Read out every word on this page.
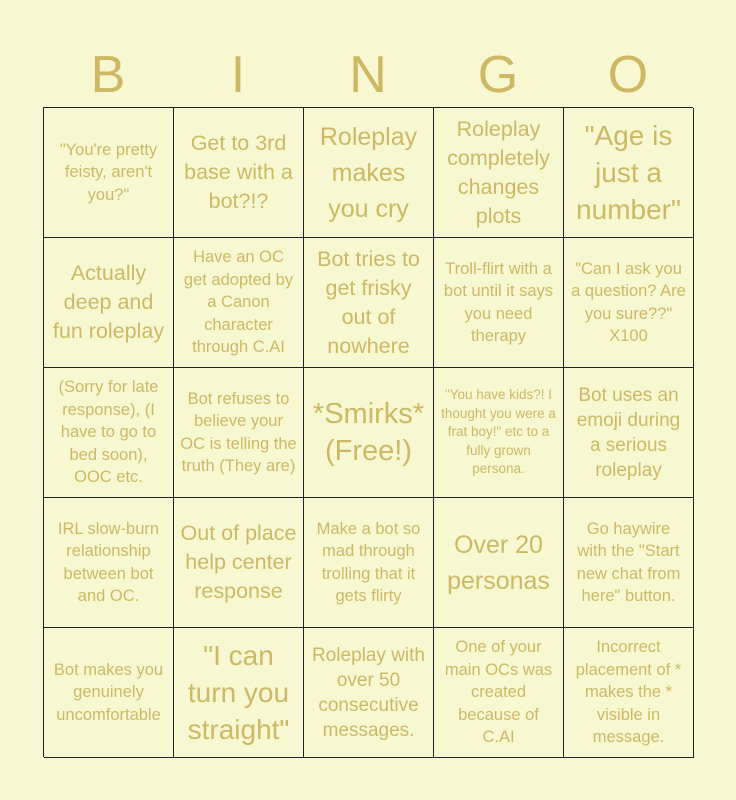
B	I	N	G	O
"You're pretty feisty, aren't you?"
Get to 3rd base with a bot?!?
Roleplay makes you cry
Roleplay completely changes plots
"Age is just a number"
Actually deep and fun roleplay
Have an OC get adopted by a Canon character through C.AI
Bot tries to get frisky out of nowhere
Troll-flirt with a bot until it says you need therapy
"Can I ask you a question? Are you sure??" X100
(Sorry for late response), (I have to go to bed soon), OOC etc.
Bot refuses to believe your OC is telling the truth (They are)
*Smirks* (Free!)
"You have kids?! I thought you were a frat boy!" etc to a fully grown persona.
Bot uses an emoji during a serious roleplay
IRL slow-burn relationship between bot and OC.
Out of place help center response
Make a bot so mad through trolling that it gets flirty
Over 20 personas
Go haywire with the "Start new chat from here" button.
Bot makes you genuinely uncomfortable
"I can turn you straight"
Roleplay with over 50 consecutive messages.
One of your main OCs was created because of C.AI
Incorrect placement of * makes the * visible in message.
